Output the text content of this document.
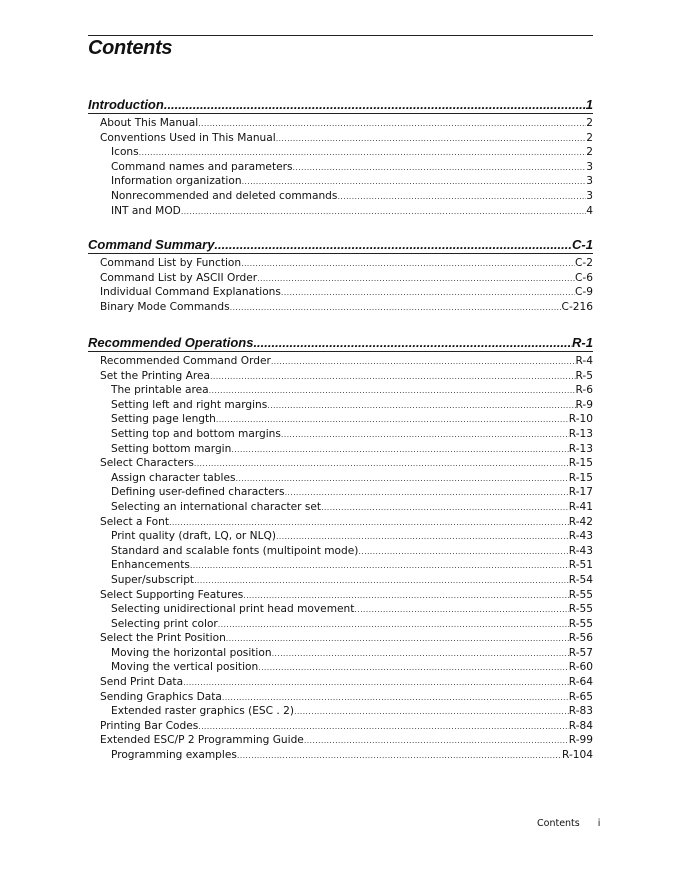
Contents
Introduction .....	1
About This Manual .....	2
Conventions Used in This Manual .....	2
Icons .....	2
Command names and parameters .....	3
Information organization .....	3
Nonrecommended and deleted commands .....	3
INT and MOD .....	4
Command Summary .....	C-1
Command List by Function .....	C-2
Command List by ASCII Order .....	C-6
Individual Command Explanations .....	C-9
Binary Mode Commands .....	C-216
Recommended Operations .....	R-1
Recommended Command Order .....	R-4
Set the Printing Area .....	R-5
The printable area .....	R-6
Setting left and right margins .....	R-9
Setting page length .....	R-10
Setting top and bottom margins .....	R-13
Setting bottom margin .....	R-13
Select Characters .....	R-15
Assign character tables .....	R-15
Defining user-defined characters .....	R-17
Selecting an international character set .....	R-41
Select a Font .....	R-42
Print quality (draft, LQ, or NLQ) .....	R-43
Standard and scalable fonts (multipoint mode) .....	R-43
Enhancements .....	R-51
Super/subscript .....	R-54
Select Supporting Features .....	R-55
Selecting unidirectional print head movement .....	R-55
Selecting print color .....	R-55
Select the Print Position .....	R-56
Moving the horizontal position .....	R-57
Moving the vertical position .....	R-60
Send Print Data .....	R-64
Sending Graphics Data .....	R-65
Extended raster graphics (ESC . 2) .....	R-83
Printing Bar Codes .....	R-84
Extended ESC/P 2 Programming Guide .....	R-99
Programming examples .....	R-104
Contents i
